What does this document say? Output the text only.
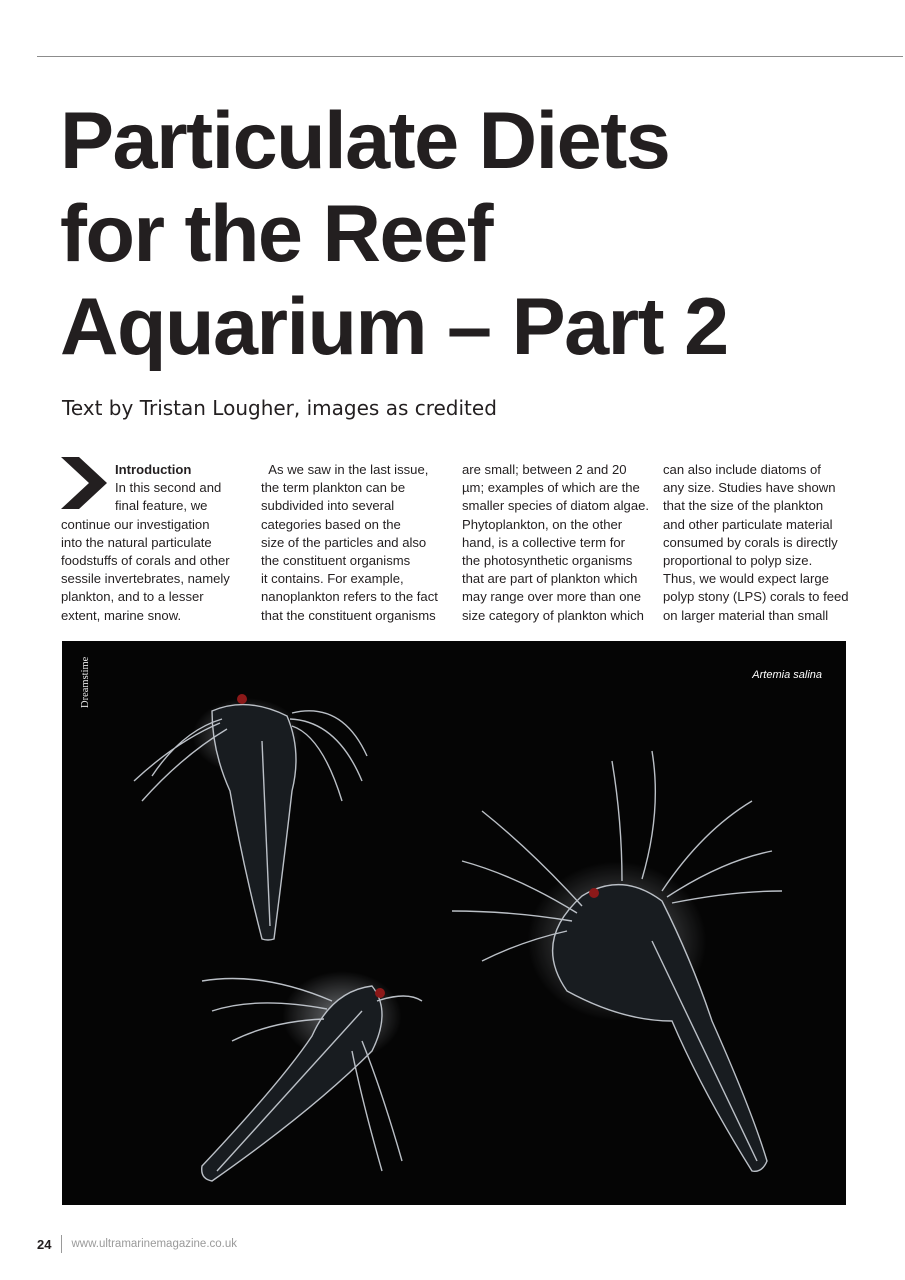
Particulate Diets
for the Reef
Aquarium – Part 2
Text by Tristan Lougher, images as credited
Introduction
In this second and
final feature, we
continue our investigation
into the natural particulate
foodstuffs of corals and other
sessile invertebrates, namely
plankton, and to a lesser
extent, marine snow.
As we saw in the last issue,
the term plankton can be
subdivided into several
categories based on the
size of the particles and also
the constituent organisms
it contains. For example,
nanoplankton refers to the fact
that the constituent organisms
are small; between 2 and 20
µm; examples of which are the
smaller species of diatom algae.
Phytoplankton, on the other
hand, is a collective term for
the photosynthetic organisms
that are part of plankton which
may range over more than one
size category of plankton which
can also include diatoms of
any size. Studies have shown
that the size of the plankton
and other particulate material
consumed by corals is directly
proportional to polyp size.
Thus, we would expect large
polyp stony (LPS) corals to feed
on larger material than small
Artemia salina
Dreamstime
24 www.ultramarinemagazine.co.uk
